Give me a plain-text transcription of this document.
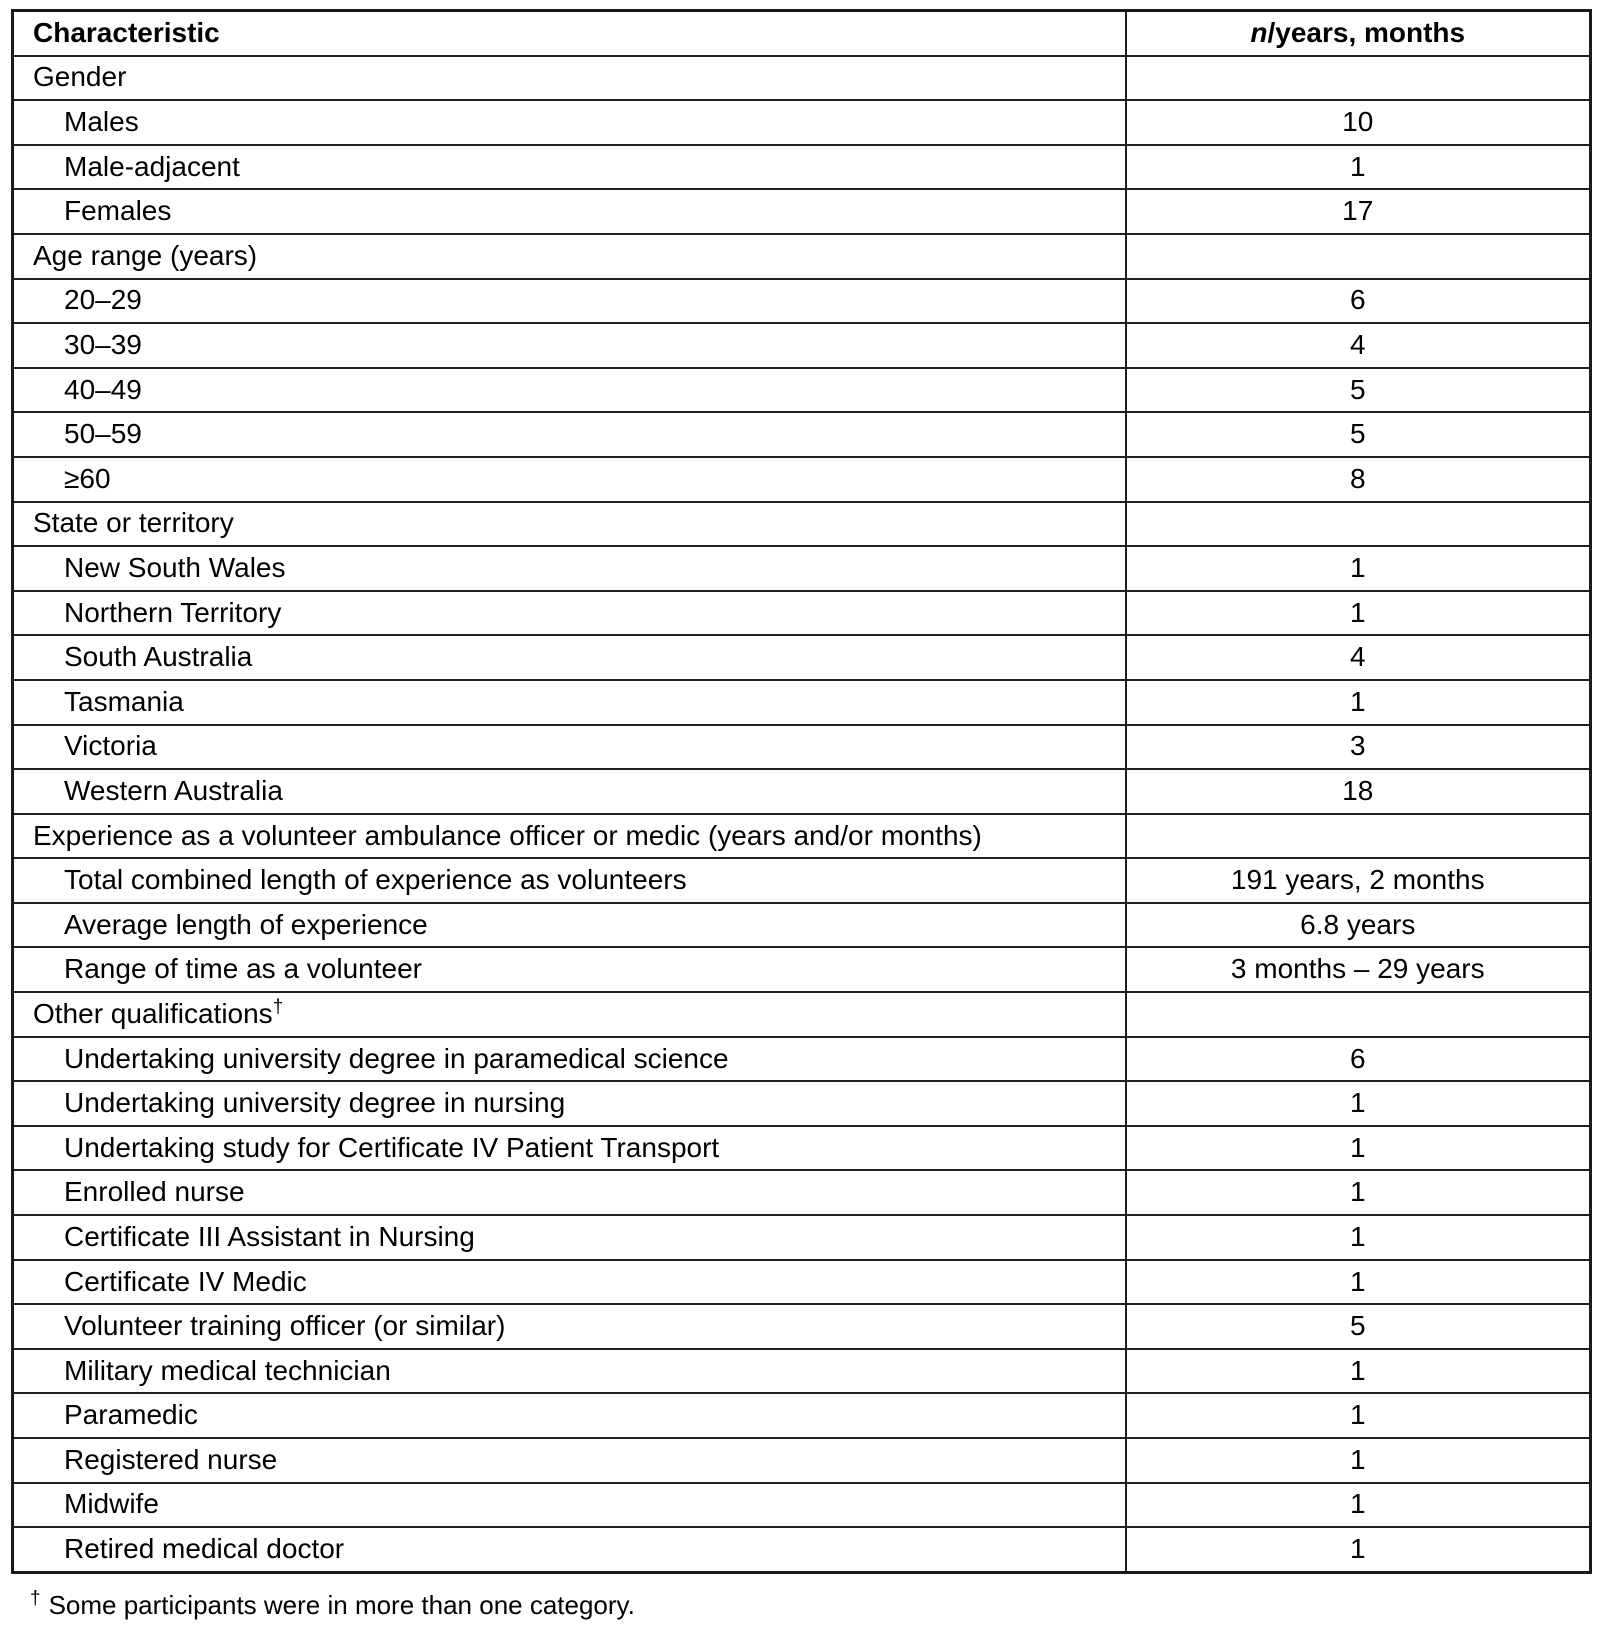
Characteristic	n/years, months
Gender	
Males	10
Male-adjacent	1
Females	17
Age range (years)	
20–29	6
30–39	4
40–49	5
50–59	5
≥60	8
State or territory	
New South Wales	1
Northern Territory	1
South Australia	4
Tasmania	1
Victoria	3
Western Australia	18
Experience as a volunteer ambulance officer or medic (years and/or months)	
Total combined length of experience as volunteers	191 years, 2 months
Average length of experience	6.8 years
Range of time as a volunteer	3 months – 29 years
Other qualifications†	
Undertaking university degree in paramedical science	6
Undertaking university degree in nursing	1
Undertaking study for Certificate IV Patient Transport	1
Enrolled nurse	1
Certificate III Assistant in Nursing	1
Certificate IV Medic	1
Volunteer training officer (or similar)	5
Military medical technician	1
Paramedic	1
Registered nurse	1
Midwife	1
Retired medical doctor	1
† Some participants were in more than one category.
